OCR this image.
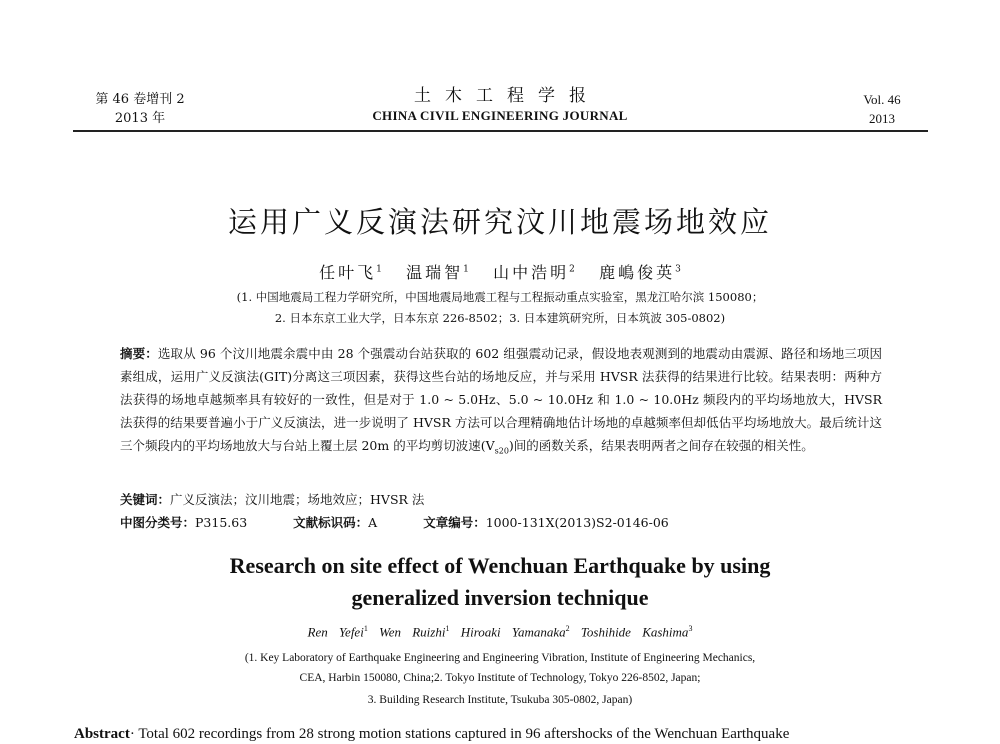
第 46 卷增刊 2
2013 年
土木工程学报
CHINA CIVIL ENGINEERING JOURNAL
Vol. 46
2013
运用广义反演法研究汶川地震场地效应
任叶飞$^1$ 温瑞智$^1$ 山中浩明$^2$ 鹿嶋俊英$^3$
(1. 中国地震局工程力学研究所，中国地震局地震工程与工程振动重点实验室，黑龙江哈尔滨 150080；
2. 日本东京工业大学，日本东京 226-8502；3. 日本建筑研究所，日本筑波 305-0802)
摘要：选取从 96 个汶川地震余震中由 28 个强震动台站获取的 602 组强震动记录，假设地表观测到的地震动由震源、路径和场地三项因素组成，运用广义反演法(GIT)分离这三项因素，获得这些台站的场地反应，并与采用 HVSR 法获得的结果进行比较。结果表明：两种方法获得的场地卓越频率具有较好的一致性，但是对于 1.0 ~ 5.0Hz、5.0 ~ 10.0Hz 和 1.0 ~ 10.0Hz 频段内的平均场地放大，HVSR 法获得的结果要普遍小于广义反演法，进一步说明了 HVSR 方法可以合理精确地估计场地的卓越频率但却低估平均场地放大。最后统计这三个频段内的平均场地放大与台站上覆土层 20m 的平均剪切波速$(V_{s20})$间的函数关系，结果表明两者之间存在较强的相关性。
关键词：广义反演法；汶川地震；场地效应；HVSR 法
中图分类号：P315.63	文献标识码：A	文章编号：1000-131X(2013)S2-0146-06
Research on site effect of Wenchuan Earthquake by using
generalized inversion technique
Ren Yefei$^1$ Wen Ruizhi$^1$ Hiroaki Yamanaka$^2$ Toshihide Kashima$^3$
(1. Key Laboratory of Earthquake Engineering and Engineering Vibration, Institute of Engineering Mechanics,
CEA, Harbin 150080, China;2. Tokyo Institute of Technology, Tokyo 226-8502, Japan;
3. Building Research Institute, Tsukuba 305-0802, Japan)
Abstract· Total 602 recordings from 28 strong motion stations captured in 96 aftershocks of the Wenchuan Earthquake
